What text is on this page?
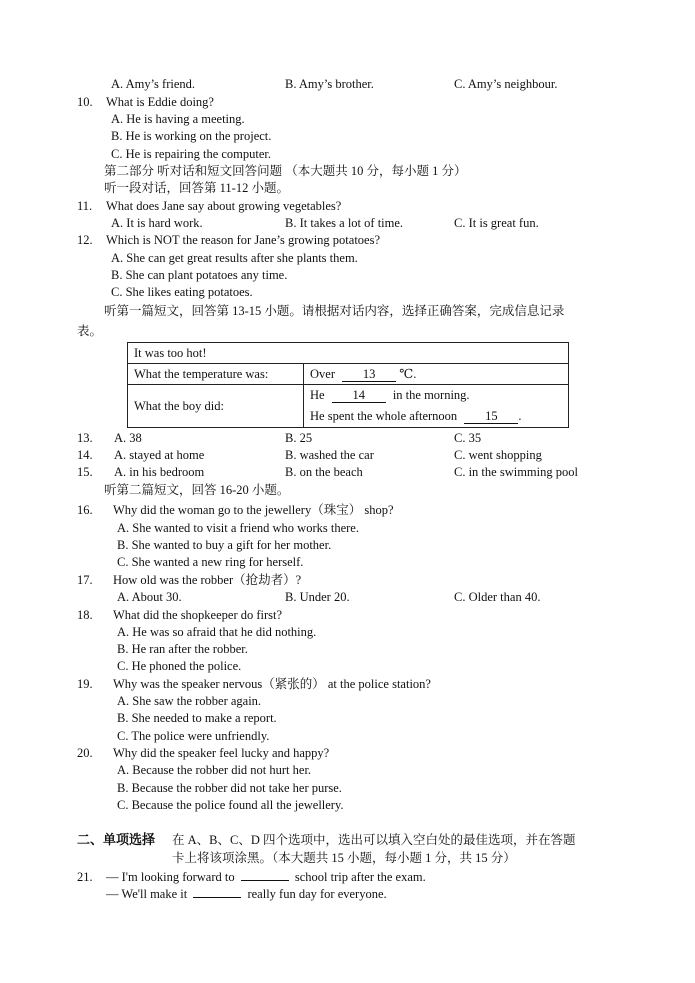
A. Amy’s friend.	B. Amy’s brother.	C. Amy’s neighbour.
10. What is Eddie doing?
A. He is having a meeting.
B. He is working on the project.
C. He is repairing the computer.
第二部分 听对话和短文回答问题 （本大题共 10 分，每小题 1 分）
听一段对话，回答第 11-12 小题。
11. What does Jane say about growing vegetables?
A. It is hard work.	B. It takes a lot of time.	C. It is great fun.
12. Which is NOT the reason for Jane’s growing potatoes?
A. She can get great results after she plants them.
B. She can plant potatoes any time.
C. She likes eating potatoes.
听第一篇短文，回答第 13-15 小题。请根据对话内容，选择正确答案，完成信息记录
表。
It was too hot!	
What the temperature was:	Over 13 ℃.
What the boy did:	He 14 in the morning.
He spent the whole afternoon 15 .
13. A. 38	B. 25	C. 35
14. A. stayed at home	B. washed the car	C. went shopping
15. A. in his bedroom	B. on the beach	C. in the swimming pool
听第二篇短文，回答 16-20 小题。
16. Why did the woman go to the jewellery（珠宝） shop?
A. She wanted to visit a friend who works there.
B. She wanted to buy a gift for her mother.
C. She wanted a new ring for herself.
17. How old was the robber（抢劫者）?
A. About 30.	B. Under 20.	C. Older than 40.
18. What did the shopkeeper do first?
A. He was so afraid that he did nothing.
B. He ran after the robber.
C. He phoned the police.
19. Why was the speaker nervous（紧张的） at the police station?
A. She saw the robber again.
B. She needed to make a report.
C. The police were unfriendly.
20. Why did the speaker feel lucky and happy?
A. Because the robber did not hurt her.
B. Because the robber did not take her purse.
C. Because the police found all the jewellery.
二、单项选择 在 A、B、C、D 四个选项中，选出可以填入空白处的最佳选项，并在答题
卡上将该项涂黑。（本大题共 15 小题，每小题 1 分，共 15 分）
21. — I'm looking forward to	school trip after the exam.
— We'll make it	really fun day for everyone.
